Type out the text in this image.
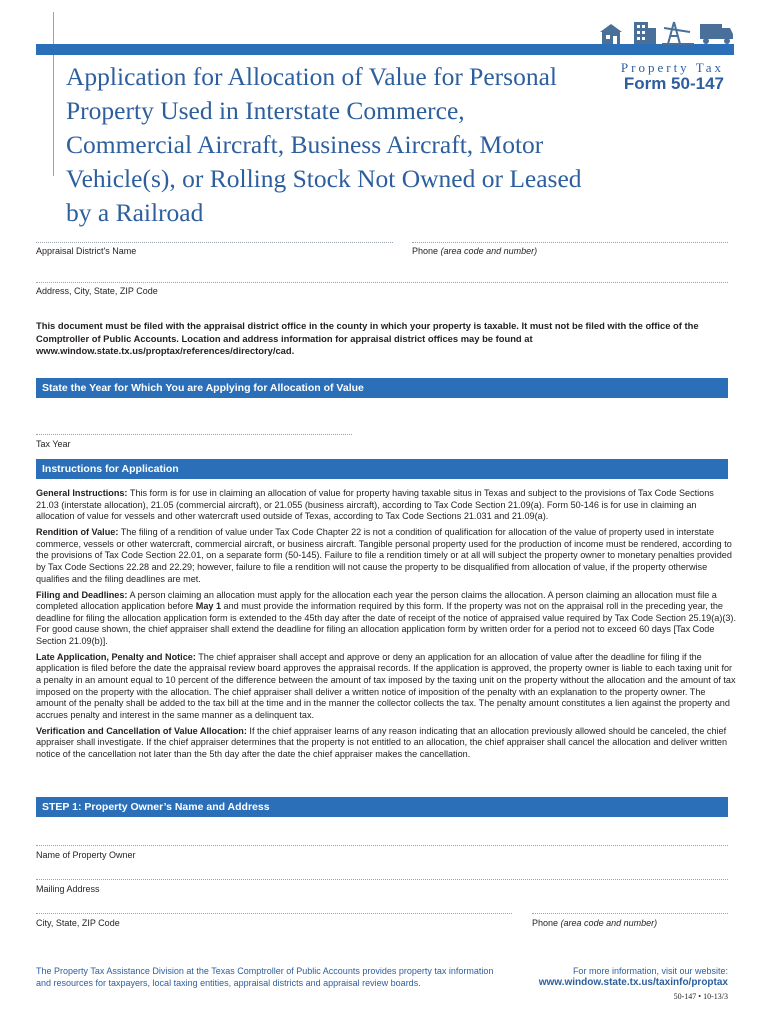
Application for Allocation of Value for Personal Property Used in Interstate Commerce, Commercial Aircraft, Business Aircraft, Motor Vehicle(s), or Rolling Stock Not Owned or Leased by a Railroad
Property Tax
Form 50-147
Appraisal District's Name	Phone (area code and number)
Address, City, State, ZIP Code
This document must be filed with the appraisal district office in the county in which your property is taxable. It must not be filed with the office of the Comptroller of Public Accounts. Location and address information for appraisal district offices may be found at www.window.state.tx.us/proptax/references/directory/cad.
State the Year for Which You are Applying for Allocation of Value
Tax Year
Instructions for Application

General Instructions: This form is for use in claiming an allocation of value for property having taxable situs in Texas and subject to the provisions of Tax Code Sections 21.03 (interstate allocation), 21.05 (commercial aircraft), or 21.055 (business aircraft), according to Tax Code Section 21.09(a). Form 50-146 is for use in claiming an allocation of value for vessels and other watercraft used outside of Texas, according to Tax Code Sections 21.031 and 21.09(a).

Rendition of Value: The filing of a rendition of value under Tax Code Chapter 22 is not a condition of qualification for allocation of the value of property used in interstate commerce, vessels or other watercraft, commercial aircraft, or business aircraft. Tangible personal property used for the production of income must be rendered, according to the provisions of Tax Code Section 22.01, on a separate form (50-145). Failure to file a rendition timely or at all will subject the property owner to monetary penalties provided by Tax Code Sections 22.28 and 22.29; however, failure to file a rendition will not cause the property to be disqualified from allocation of value, if the property otherwise qualifies and the filing deadlines are met.

Filing and Deadlines: A person claiming an allocation must apply for the allocation each year the person claims the allocation. A person claiming an allocation must file a completed allocation application before May 1 and must provide the information required by this form. If the property was not on the appraisal roll in the preceding year, the deadline for filing the allocation application form is extended to the 45th day after the date of receipt of the notice of appraised value required by Tax Code Section 25.19(a)(3). For good cause shown, the chief appraiser shall extend the deadline for filing an allocation application form by written order for a period not to exceed 60 days [Tax Code Section 21.09(b)].

Late Application, Penalty and Notice: The chief appraiser shall accept and approve or deny an application for an allocation of value after the deadline for filing if the application is filed before the date the appraisal review board approves the appraisal records. If the application is approved, the property owner is liable to each taxing unit for a penalty in an amount equal to 10 percent of the difference between the amount of tax imposed by the taxing unit on the property without the allocation and the amount of tax imposed on the property with the allocation. The chief appraiser shall deliver a written notice of imposition of the penalty with an explanation to the property owner. The amount of the penalty shall be added to the tax bill at the time and in the manner the collector collects the tax. The penalty amount constitutes a lien against the property and accrues penalty and interest in the same manner as a delinquent tax.

Verification and Cancellation of Value Allocation: If the chief appraiser learns of any reason indicating that an allocation previously allowed should be canceled, the chief appraiser shall investigate. If the chief appraiser determines that the property is not entitled to an allocation, the chief appraiser shall cancel the allocation and deliver written notice of the cancellation not later than the 5th day after the date the chief appraiser makes the cancellation.

STEP 1: Property Owner’s Name and Address
Name of Property Owner
Mailing Address
City, State, ZIP Code	Phone (area code and number)
The Property Tax Assistance Division at the Texas Comptroller of Public Accounts provides property tax information and resources for taxpayers, local taxing entities, appraisal districts and appraisal review boards.
For more information, visit our website:
www.window.state.tx.us/taxinfo/proptax
50-147 • 10-13/3
